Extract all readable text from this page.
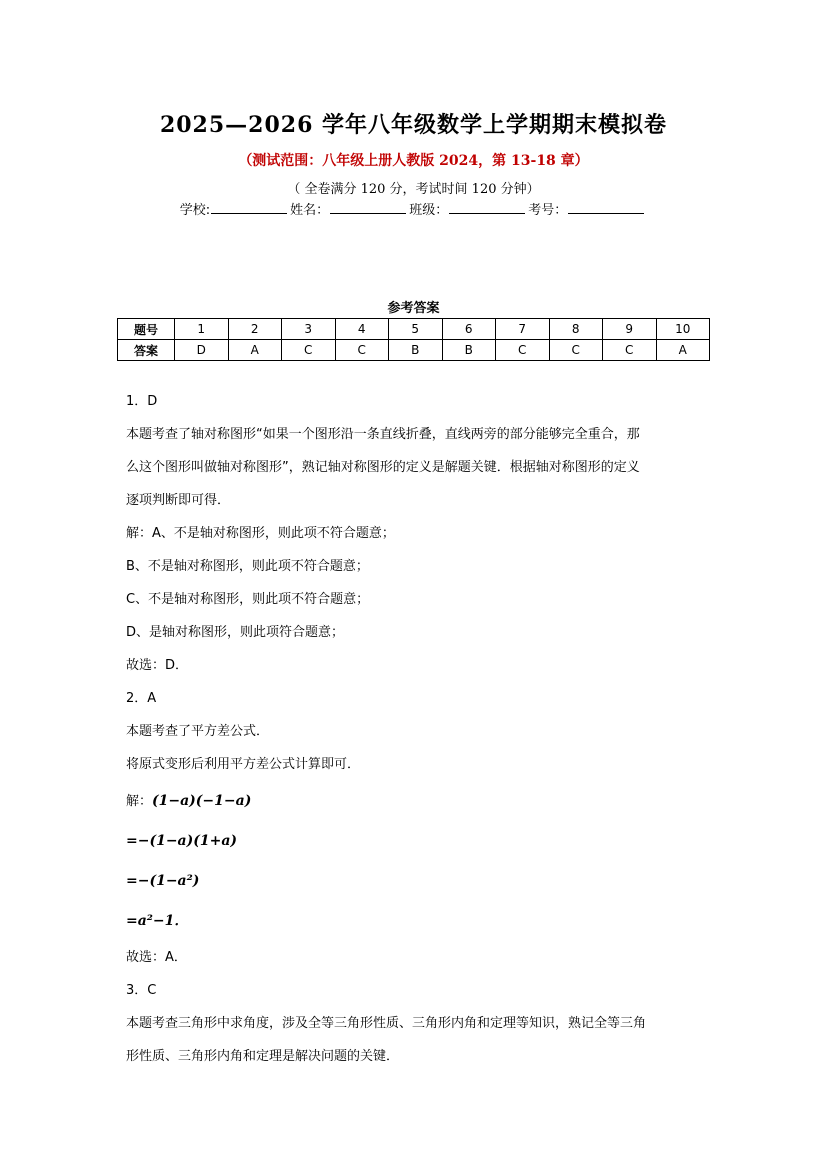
2025—2026 学年八年级数学上学期期末模拟卷
（测试范围：八年级上册人教版 2024，第 13-18 章）
（ 全卷满分 120 分，考试时间 120 分钟）
学校:	姓名：	班级：	考号：
参考答案
题号	1	2	3	4	5	6	7	8	9	10
答案	D	A	C	C	B	B	C	C	C	A

1．D

本题考查了轴对称图形“如果一个图形沿一条直线折叠，直线两旁的部分能够完全重合，那

么这个图形叫做轴对称图形”，熟记轴对称图形的定义是解题关键．根据轴对称图形的定义

逐项判断即可得．

解：A、不是轴对称图形，则此项不符合题意；

B、不是轴对称图形，则此项不符合题意；

C、不是轴对称图形，则此项不符合题意；

D、是轴对称图形，则此项符合题意；

故选：D．

2．A

本题考查了平方差公式．

将原式变形后利用平方差公式计算即可．

解：(1−a)(−1−a)

=−(1−a)(1+a)

=−(1−a²)

=a²−1．

故选：A．

3．C

本题考查三角形中求角度，涉及全等三角形性质、三角形内角和定理等知识，熟记全等三角

形性质、三角形内角和定理是解决问题的关键．
